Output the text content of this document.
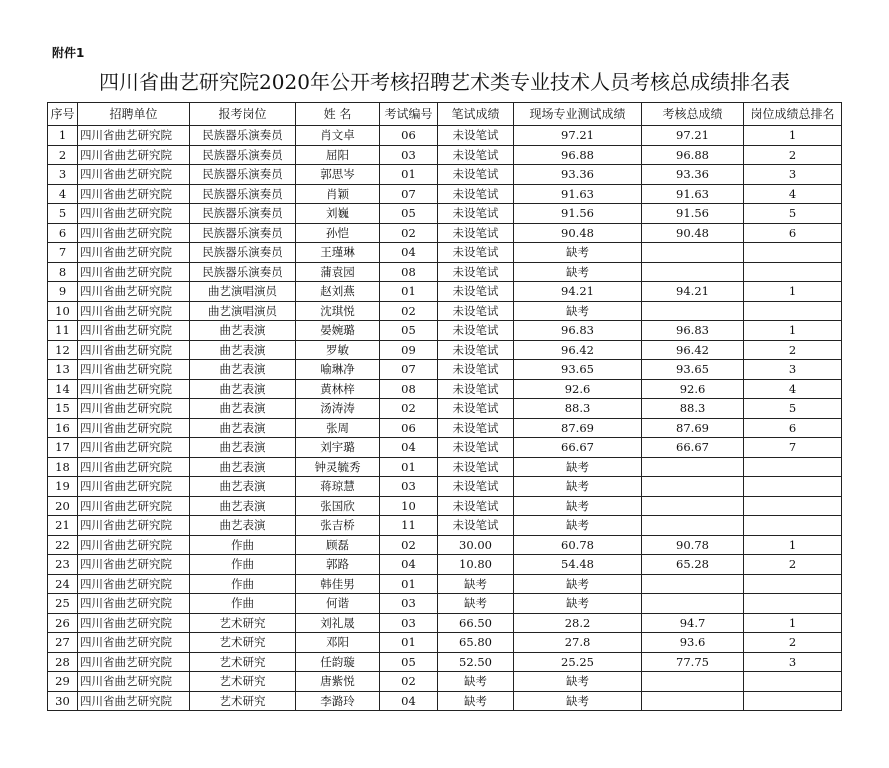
附件1
四川省曲艺研究院2020年公开考核招聘艺术类专业技术人员考核总成绩排名表
序号	招聘单位	报考岗位	姓 名	考试编号	笔试成绩	现场专业测试成绩	考核总成绩	岗位成绩总排名
1	四川省曲艺研究院	民族器乐演奏员	肖文卓	06	未设笔试	97.21	97.21	1
2	四川省曲艺研究院	民族器乐演奏员	屈阳	03	未设笔试	96.88	96.88	2
3	四川省曲艺研究院	民族器乐演奏员	郭思岑	01	未设笔试	93.36	93.36	3
4	四川省曲艺研究院	民族器乐演奏员	肖颖	07	未设笔试	91.63	91.63	4
5	四川省曲艺研究院	民族器乐演奏员	刘巍	05	未设笔试	91.56	91.56	5
6	四川省曲艺研究院	民族器乐演奏员	孙恺	02	未设笔试	90.48	90.48	6
7	四川省曲艺研究院	民族器乐演奏员	王瑾琳	04	未设笔试	缺考		
8	四川省曲艺研究院	民族器乐演奏员	蒲袁园	08	未设笔试	缺考		
9	四川省曲艺研究院	曲艺演唱演员	赵刘燕	01	未设笔试	94.21	94.21	1
10	四川省曲艺研究院	曲艺演唱演员	沈琪悦	02	未设笔试	缺考		
11	四川省曲艺研究院	曲艺表演	晏婉璐	05	未设笔试	96.83	96.83	1
12	四川省曲艺研究院	曲艺表演	罗敏	09	未设笔试	96.42	96.42	2
13	四川省曲艺研究院	曲艺表演	喻琳净	07	未设笔试	93.65	93.65	3
14	四川省曲艺研究院	曲艺表演	黄林梓	08	未设笔试	92.6	92.6	4
15	四川省曲艺研究院	曲艺表演	汤涛涛	02	未设笔试	88.3	88.3	5
16	四川省曲艺研究院	曲艺表演	张周	06	未设笔试	87.69	87.69	6
17	四川省曲艺研究院	曲艺表演	刘宇璐	04	未设笔试	66.67	66.67	7
18	四川省曲艺研究院	曲艺表演	钟灵毓秀	01	未设笔试	缺考		
19	四川省曲艺研究院	曲艺表演	蒋琼慧	03	未设笔试	缺考		
20	四川省曲艺研究院	曲艺表演	张国欣	10	未设笔试	缺考		
21	四川省曲艺研究院	曲艺表演	张吉桥	11	未设笔试	缺考		
22	四川省曲艺研究院	作曲	顾磊	02	30.00	60.78	90.78	1
23	四川省曲艺研究院	作曲	郭路	04	10.80	54.48	65.28	2
24	四川省曲艺研究院	作曲	韩佳男	01	缺考	缺考		
25	四川省曲艺研究院	作曲	何谐	03	缺考	缺考		
26	四川省曲艺研究院	艺术研究	刘礼晟	03	66.50	28.2	94.7	1
27	四川省曲艺研究院	艺术研究	邓阳	01	65.80	27.8	93.6	2
28	四川省曲艺研究院	艺术研究	任韵璇	05	52.50	25.25	77.75	3
29	四川省曲艺研究院	艺术研究	唐紫悦	02	缺考	缺考		
30	四川省曲艺研究院	艺术研究	李潞玲	04	缺考	缺考		
